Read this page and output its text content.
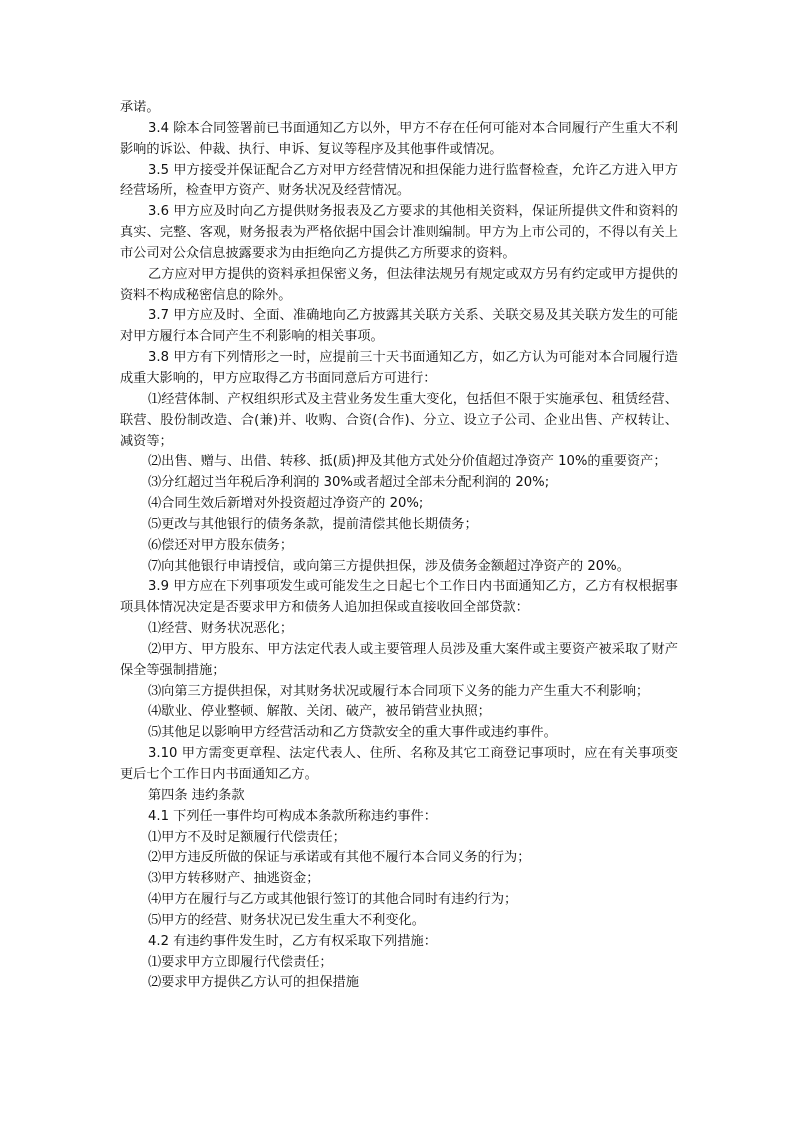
承诺。

3.4 除本合同签署前已书面通知乙方以外，甲方不存在任何可能对本合同履行产生重大不利影响的诉讼、仲裁、执行、申诉、复议等程序及其他事件或情况。

3.5 甲方接受并保证配合乙方对甲方经营情况和担保能力进行监督检查，允许乙方进入甲方经营场所，检查甲方资产、财务状况及经营情况。

3.6 甲方应及时向乙方提供财务报表及乙方要求的其他相关资料，保证所提供文件和资料的真实、完整、客观，财务报表为严格依据中国会计准则编制。甲方为上市公司的，不得以有关上市公司对公众信息披露要求为由拒绝向乙方提供乙方所要求的资料。

乙方应对甲方提供的资料承担保密义务，但法律法规另有规定或双方另有约定或甲方提供的资料不构成秘密信息的除外。

3.7 甲方应及时、全面、准确地向乙方披露其关联方关系、关联交易及其关联方发生的可能对甲方履行本合同产生不利影响的相关事项。

3.8 甲方有下列情形之一时，应提前三十天书面通知乙方，如乙方认为可能对本合同履行造成重大影响的，甲方应取得乙方书面同意后方可进行：

⑴经营体制、产权组织形式及主营业务发生重大变化，包括但不限于实施承包、租赁经营、联营、股份制改造、合(兼)并、收购、合资(合作)、分立、设立子公司、企业出售、产权转让、减资等；

⑵出售、赠与、出借、转移、抵(质)押及其他方式处分价值超过净资产 10%的重要资产；

⑶分红超过当年税后净利润的 30%或者超过全部未分配利润的 20%;

⑷合同生效后新增对外投资超过净资产的 20%;

⑸更改与其他银行的债务条款，提前清偿其他长期债务；

⑹偿还对甲方股东债务；

⑺向其他银行申请授信，或向第三方提供担保，涉及债务金额超过净资产的 20%。

3.9 甲方应在下列事项发生或可能发生之日起七个工作日内书面通知乙方，乙方有权根据事项具体情况决定是否要求甲方和债务人追加担保或直接收回全部贷款：

⑴经营、财务状况恶化；

⑵甲方、甲方股东、甲方法定代表人或主要管理人员涉及重大案件或主要资产被采取了财产保全等强制措施；

⑶向第三方提供担保，对其财务状况或履行本合同项下义务的能力产生重大不利影响；

⑷歇业、停业整顿、解散、关闭、破产，被吊销营业执照；

⑸其他足以影响甲方经营活动和乙方贷款安全的重大事件或违约事件。

3.10 甲方需变更章程、法定代表人、住所、名称及其它工商登记事项时，应在有关事项变更后七个工作日内书面通知乙方。

第四条 违约条款

4.1 下列任一事件均可构成本条款所称违约事件：

⑴甲方不及时足额履行代偿责任；

⑵甲方违反所做的保证与承诺或有其他不履行本合同义务的行为；

⑶甲方转移财产、抽逃资金；

⑷甲方在履行与乙方或其他银行签订的其他合同时有违约行为；

⑸甲方的经营、财务状况已发生重大不利变化。

4.2 有违约事件发生时，乙方有权采取下列措施：

⑴要求甲方立即履行代偿责任；

⑵要求甲方提供乙方认可的担保措施
